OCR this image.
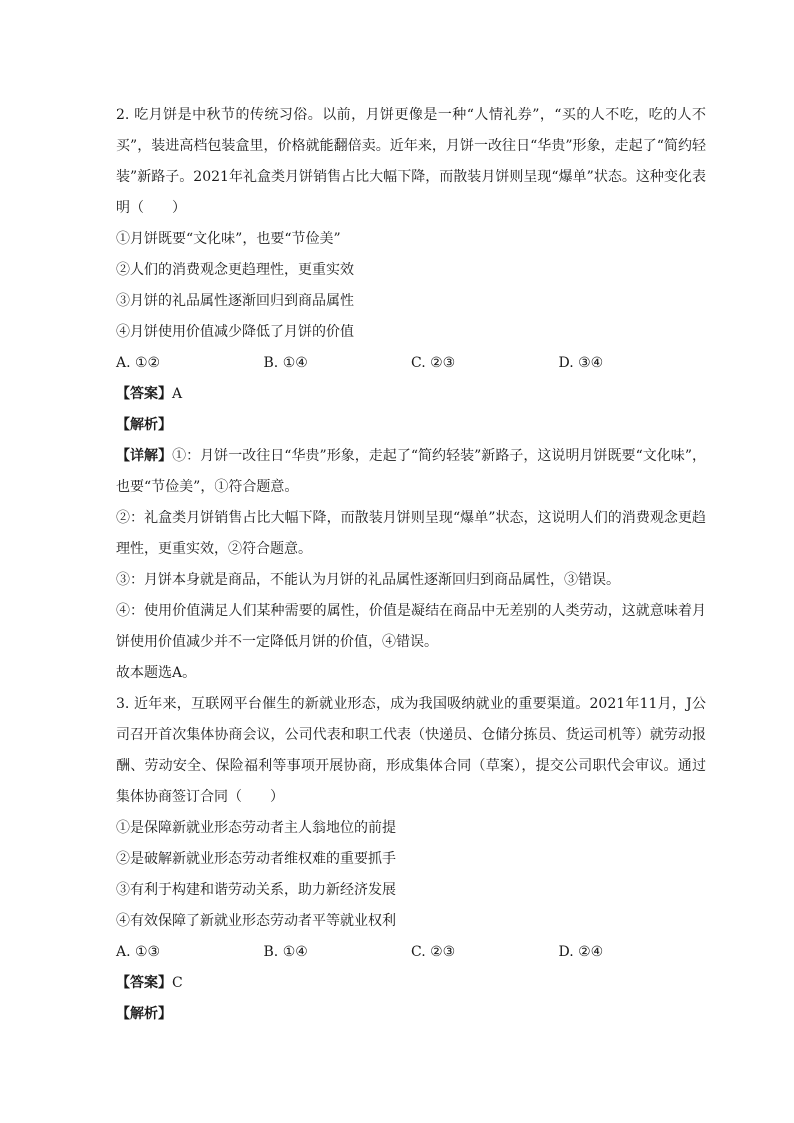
2. 吃月饼是中秋节的传统习俗。以前，月饼更像是一种“人情礼券”，“买的人不吃，吃的人不买”，装进高档包装盒里，价格就能翻倍卖。近年来，月饼一改往日“华贵”形象，走起了“简约轻装”新路子。2021年礼盒类月饼销售占比大幅下降，而散装月饼则呈现“爆单”状态。这种变化表明（　　）

①月饼既要“文化味”，也要“节俭美”

②人们的消费观念更趋理性，更重实效

③月饼的礼品属性逐渐回归到商品属性

④月饼使用价值减少降低了月饼的价值

A. ①②	B. ①④	C. ②③	D. ③④

【答案】A

【解析】

【详解】①：月饼一改往日“华贵”形象，走起了“简约轻装”新路子，这说明月饼既要“文化味”，也要“节俭美”，①符合题意。

②：礼盒类月饼销售占比大幅下降，而散装月饼则呈现“爆单”状态，这说明人们的消费观念更趋理性，更重实效，②符合题意。

③：月饼本身就是商品，不能认为月饼的礼品属性逐渐回归到商品属性，③错误。

④：使用价值满足人们某种需要的属性，价值是凝结在商品中无差别的人类劳动，这就意味着月饼使用价值减少并不一定降低月饼的价值，④错误。

故本题选A。

3. 近年来，互联网平台催生的新就业形态，成为我国吸纳就业的重要渠道。2021年11月，J公司召开首次集体协商会议，公司代表和职工代表（快递员、仓储分拣员、货运司机等）就劳动报酬、劳动安全、保险福利等事项开展协商，形成集体合同（草案），提交公司职代会审议。通过集体协商签订合同（　　）

①是保障新就业形态劳动者主人翁地位的前提

②是破解新就业形态劳动者维权难的重要抓手

③有利于构建和谐劳动关系，助力新经济发展

④有效保障了新就业形态劳动者平等就业权利

A. ①③	B. ①④	C. ②③	D. ②④

【答案】C

【解析】
